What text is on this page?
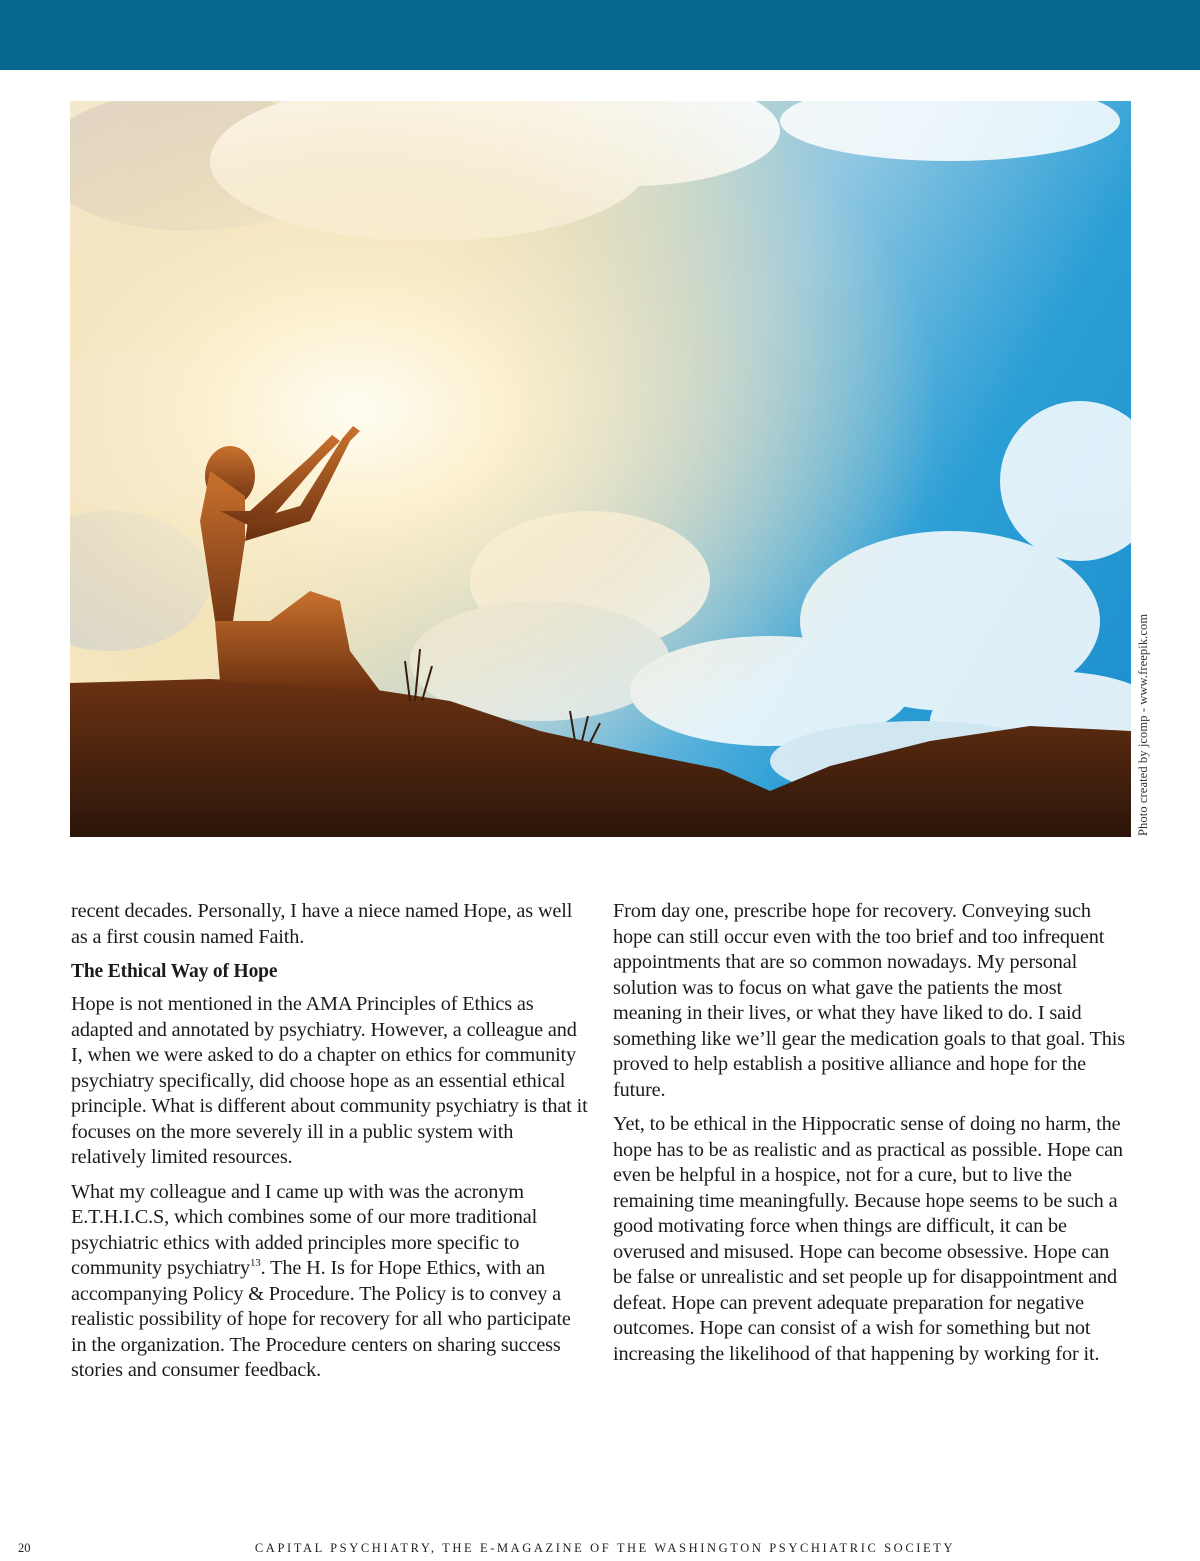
Photo created by jcomp - www.freepik.com

recent decades. Personally, I have a niece named Hope, as well as a first cousin named Faith.

The Ethical Way of Hope

Hope is not mentioned in the AMA Principles of Ethics as adapted and annotated by psychiatry. However, a colleague and I, when we were asked to do a chapter on ethics for community psychiatry specifically, did choose hope as an essential ethical principle. What is different about community psychiatry is that it focuses on the more severely ill in a public system with relatively limited resources.

What my colleague and I came up with was the acronym E.T.H.I.C.S, which combines some of our more traditional psychiatric ethics with added principles more specific to community psychiatry$^{13}$. The H. Is for Hope Ethics, with an accompanying Policy & Procedure. The Policy is to convey a realistic possibility of hope for recovery for all who participate in the organization. The Procedure centers on sharing success stories and consumer feedback.

From day one, prescribe hope for recovery. Conveying such hope can still occur even with the too brief and too infrequent appointments that are so common nowadays. My personal solution was to focus on what gave the patients the most meaning in their lives, or what they have liked to do. I said something like we’ll gear the medication goals to that goal. This proved to help establish a positive alliance and hope for the future.

Yet, to be ethical in the Hippocratic sense of doing no harm, the hope has to be as realistic and as practical as possible. Hope can even be helpful in a hospice, not for a cure, but to live the remaining time meaningfully. Because hope seems to be such a good motivating force when things are difficult, it can be overused and misused. Hope can become obsessive. Hope can be false or unrealistic and set people up for disappointment and defeat. Hope can prevent adequate preparation for negative outcomes. Hope can consist of a wish for something but not increasing the likelihood of that happening by working for it.

20	CAPITAL PSYCHIATRY, THE E-MAGAZINE OF THE WASHINGTON PSYCHIATRIC SOCIETY
